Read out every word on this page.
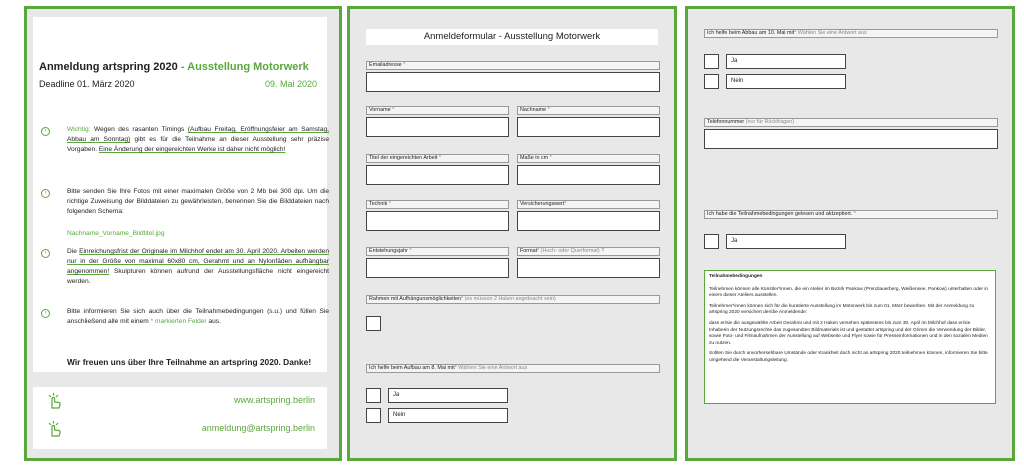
Anmeldung artspring 2020 - Ausstellung Motorwerk
Deadline 01. März 2020	09. Mai 2020
›	Wichtig: Wegen des rasanten Timings (Aufbau Freitag, Eröffnungsfeier am Samstag, Abbau am Sonntag) gibt es für die Teilnahme an dieser Ausstellung sehr präzise Vorgaben. Eine Änderung der eingereichten Werke ist daher nicht möglich!
›	Bitte senden Sie Ihre Fotos mit einer maximalen Größe von 2 Mb bei 300 dpi. Um die richtige Zuweisung der Bilddateien zu gewährleisten, benennen Sie die Bilddateien nach folgenden Schema:
Nachname_Vorname_Bildtitel.jpg
›	Die Einreichungsfrist der Originale im Milchhof endet am 30. April 2020. Arbeiten werden nur in der Größe von maximal 60x80 cm, Gerahmt und an Nylonfäden aufhängbar angenommen! Skulpturen können aufrund der Ausstellungsfläche nicht eingereicht werden.
›	Bitte informieren Sie sich auch über die Teilnahmebedingungen (s.u.) und füllen Sie anschließend alle mit einem * markierten Felder aus.
Wir freuen uns über Ihre Teilnahme an artspring 2020. Danke!
www.artspring.berlin
anmeldung@artspring.berlin
Anmeldeformular - Ausstellung Motorwerk
Emailadresse *
Vorname *	Nachname *
Titel der eingereichten Arbeit *	Maße in cm *
Technik *	Versicherungswert*
Entstehungsjahr *	Format* (Hoch- oder Querformat) ?
Rahmen mit Aufhängunsmöglichkeiten* (es müssen 2 Haken angebracht sein)
Ich helfe beim Aufbau am 8. Mai mit* Wählen Sie eine Antwort aus
Ja
Nein
Ich helfe beim Abbau am 10. Mai mit* Wählen Sie eine Antwort aus
Ja
Nein
Telefonnummer (nur für Rückfragen)
Ich habe die Teilnahmebedingungen gelesen und aktzeptiert. *
Ja

Teilnahmebedingungen

Teilnehmen können alle Künstler*innen, die ein Atelier im Bezirk Pankow (Prenzlauerberg, Weißensee, Pankow) unterhalten oder in einem dieser Ateliers ausstellen.

Teilnehmer*innen können sich für die kuratierte Ausstellung im Motorwerk bis zum 01. März bewerben. Mit der Anmeldung zu artspring 2020 versichert der/die Anmeldende:

dass er/sie die ausgewählte Arbeit Gerahmt und mit 2 Haken versehen spätestens bis zum 30. April im Milchhof dass er/sie Inhaberin der Nutzungsrechte das zugesandten Bildmaterials ist und gestattet artspring und der Grimm die Verwendung der Bilder, sowie Foto- und Filmaufnahmen der Ausstellung auf Webseite und Flyer sowie für Presseinformationen und in den sozialen Medien zu nutzen.

Sollten Sie durch unvorhersehbare Umstände oder Krankheit doch nicht an artspring 2020 teilnehmen können, informieren Sie bitte umgehend die Veranstaltungsleitung.
